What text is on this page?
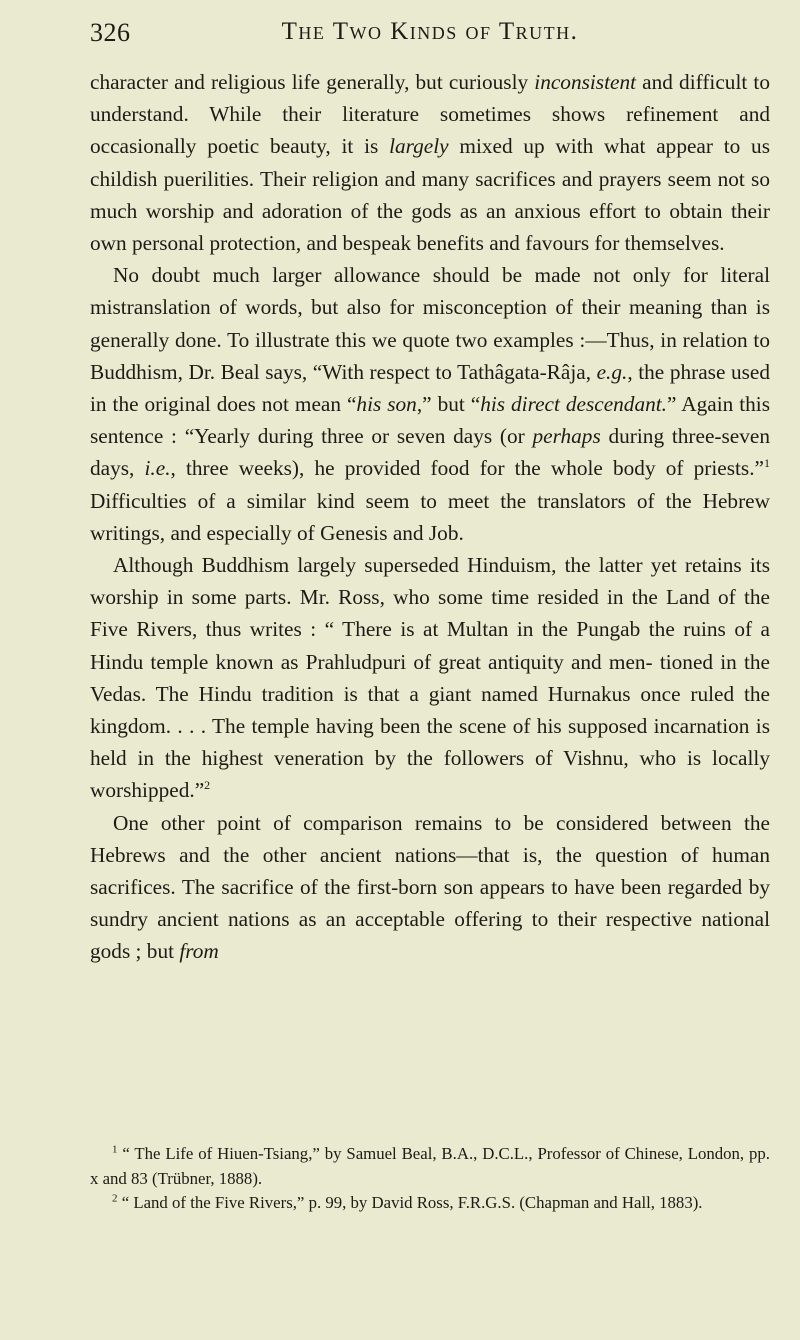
326	The Two Kinds of Truth.

character and religious life generally, but curiously inconsistent and difficult to understand. While their literature sometimes shows refinement and occasionally poetic beauty, it is largely mixed up with what appear to us childish puerilities. Their religion and many sacrifices and prayers seem not so much worship and adoration of the gods as an anxious effort to obtain their own personal protection, and bespeak benefits and favours for themselves.

No doubt much larger allowance should be made not only for literal mistranslation of words, but also for misconception of their meaning than is generally done. To illustrate this we quote two examples :—Thus, in relation to Buddhism, Dr. Beal says, “With respect to Tathâgata-Râja, e.g., the phrase used in the original does not mean “his son,” but “his direct descendant.” Again this sentence : “Yearly during three or seven days (or perhaps during three-seven days, i.e., three weeks), he provided food for the whole body of priests.”$^1$ Difficulties of a similar kind seem to meet the translators of the Hebrew writings, and especially of Genesis and Job.

Although Buddhism largely superseded Hinduism, the latter yet retains its worship in some parts. Mr. Ross, who some time resided in the Land of the Five Rivers, thus writes : “ There is at Multan in the Pungab the ruins of a Hindu temple known as Prahludpuri of great antiquity and men- tioned in the Vedas. The Hindu tradition is that a giant named Hurnakus once ruled the kingdom. . . . The temple having been the scene of his supposed incarnation is held in the highest veneration by the followers of Vishnu, who is locally worshipped.”$^2$

One other point of comparison remains to be considered between the Hebrews and the other ancient nations—that is, the question of human sacrifices. The sacrifice of the first-born son appears to have been regarded by sundry ancient nations as an acceptable offering to their respective national gods ; but from

$^1$ “ The Life of Hiuen-Tsiang,” by Samuel Beal, B.A., D.C.L., Professor of Chinese, London, pp. x and 83 (Trübner, 1888).

$^2$ “ Land of the Five Rivers,” p. 99, by David Ross, F.R.G.S. (Chapman and Hall, 1883).
